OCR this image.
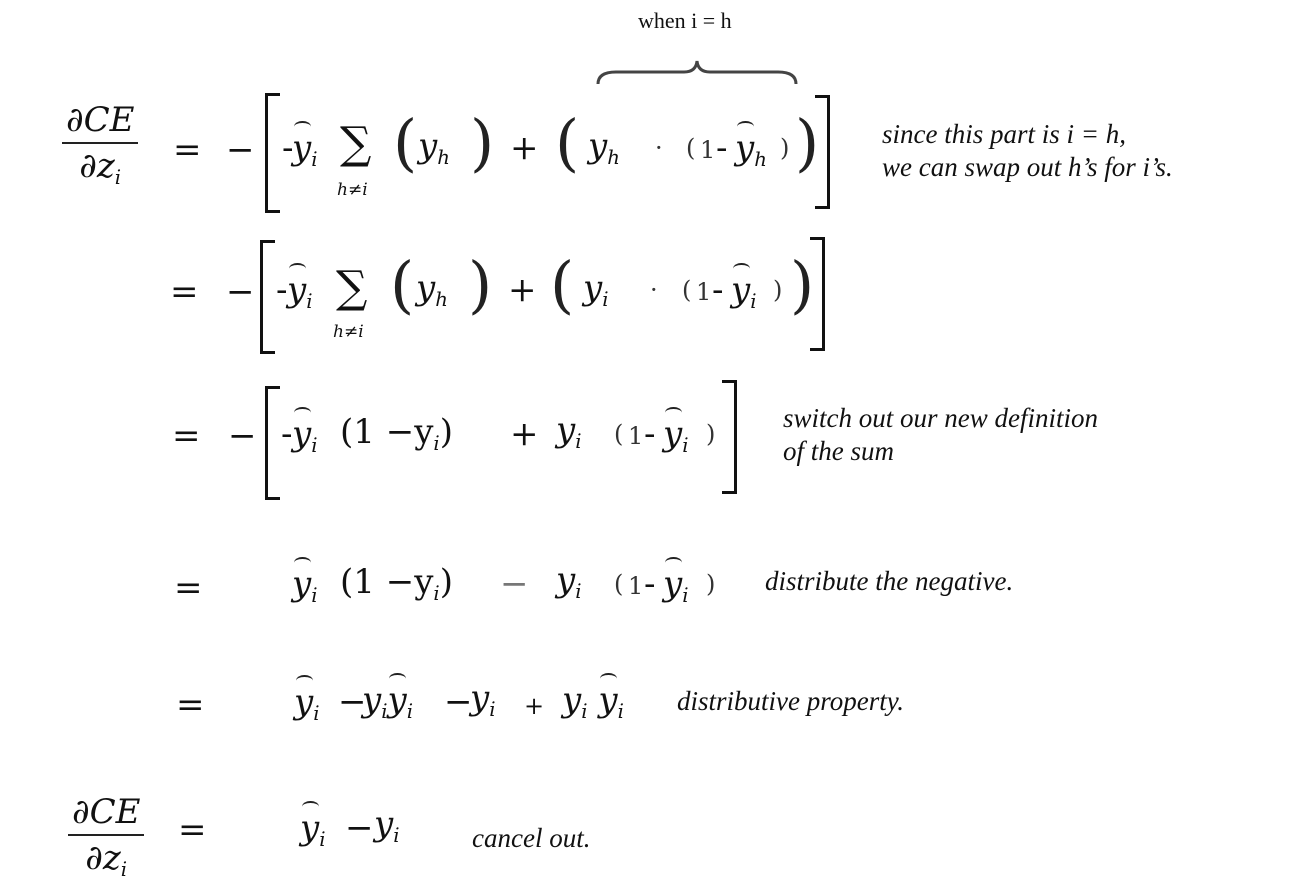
when i = h
∂CE
$\partial z_i$
= − -
$y_i$ ∑
h≠i
( $y_h$ ) + ( $y_h$ · ( $1 - y_h$ ) ) since this part is i = h,
we can swap out h’s for i’s.
= − - $y_i$ ∑
h≠i
( $y_h$ ) + ( $y_i$ · ( $1 - y_i$ ) )
= − - $y_i$ $(1 -y_i) + y_i$ ( $1 - y_i$ )
switch out our new definition
of the sum
=	$y_i$ $(1 -y_i) - y_i$ ( $1 - y_i$ ) distribute the negative.
=	$y_i$ −
$y_iy_i$ −
$y_i + y_i$ $y_i$ distributive property.
∂CE
$\partial z_i$
=	$y_i - y_i$	cancel out.
